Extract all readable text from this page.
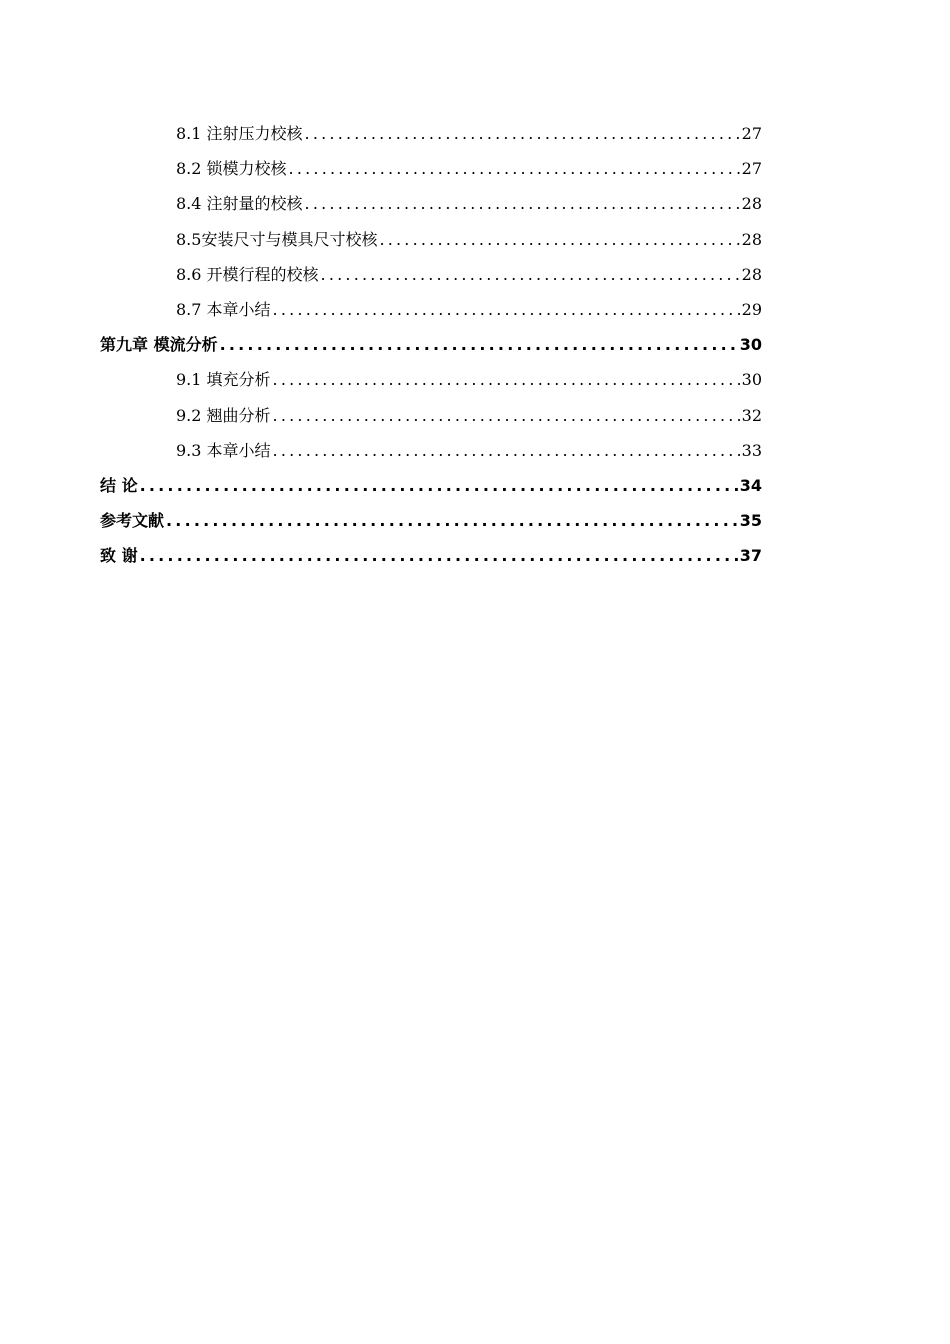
8.1 注射压力校核 .....	27
8.2 锁模力校核 .....	27
8.4 注射量的校核 .....	28
8.5安装尺寸与模具尺寸校核 .....	28
8.6 开模行程的校核 .....	28
8.7 本章小结 .....	29
第九章 模流分析 .....	30
9.1 填充分析 .....	30
9.2 翘曲分析 .....	32
9.3 本章小结 .....	33
结 论 .....	34
参考文献 .....	35
致 谢 .....	37
